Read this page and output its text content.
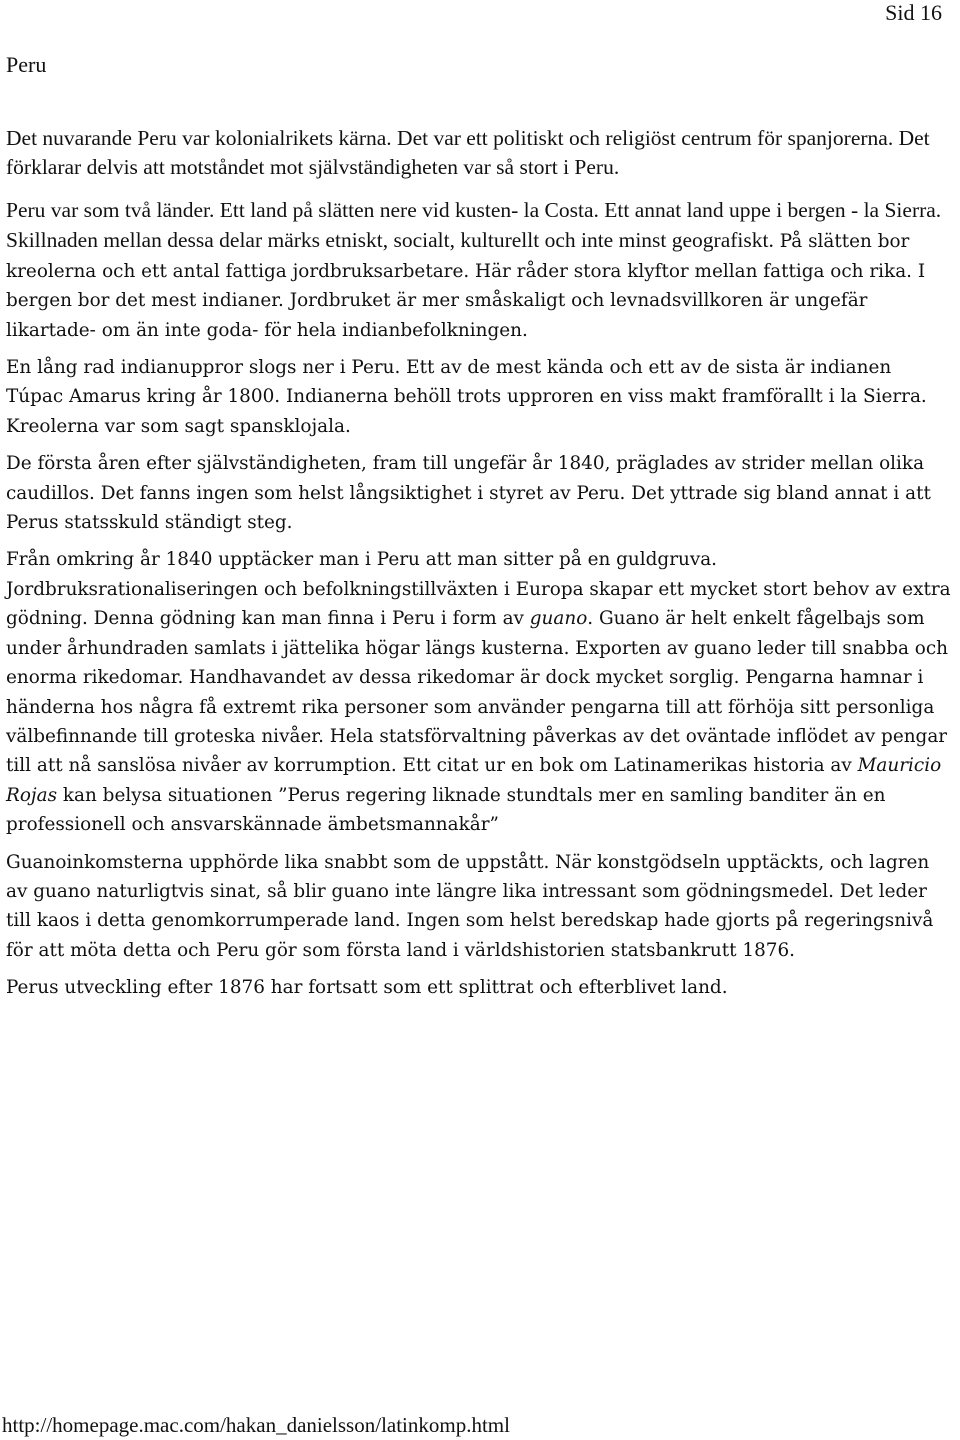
Sid 16
Peru

Det nuvarande Peru var kolonialrikets kärna. Det var ett politiskt och religiöst centrum för spanjorerna. Det förklarar delvis att motståndet mot självständigheten var så stort i Peru.

Peru var som två länder. Ett land på slätten nere vid kusten- la Costa. Ett annat land uppe i bergen - la Sierra. Skillnaden mellan dessa delar märks etniskt, socialt, kulturellt och inte minst geografiskt. På slätten bor kreolerna och ett antal fattiga jordbruksarbetare. Här råder stora klyftor mellan fattiga och rika. I bergen bor det mest indianer. Jordbruket är mer småskaligt och levnadsvillkoren är ungefär likartade- om än inte goda- för hela indianbefolkningen.

En lång rad indianuppror slogs ner i Peru. Ett av de mest kända och ett av de sista är indianen Túpac Amarus kring år 1800. Indianerna behöll trots upproren en viss makt framförallt i la Sierra. Kreolerna var som sagt spansklojala.

De första åren efter självständigheten, fram till ungefär år 1840, präglades av strider mellan olika caudillos. Det fanns ingen som helst långsiktighet i styret av Peru. Det yttrade sig bland annat i att Perus statsskuld ständigt steg.

Från omkring år 1840 upptäcker man i Peru att man sitter på en guldgruva. Jordbruksrationaliseringen och befolkningstillväxten i Europa skapar ett mycket stort behov av extra gödning. Denna gödning kan man finna i Peru i form av guano. Guano är helt enkelt fågelbajs som under århundraden samlats i jättelika högar längs kusterna. Exporten av guano leder till snabba och enorma rikedomar. Handhavandet av dessa rikedomar är dock mycket sorglig. Pengarna hamnar i händerna hos några få extremt rika personer som använder pengarna till att förhöja sitt personliga välbefinnande till groteska nivåer. Hela statsförvaltning påverkas av det oväntade inflödet av pengar till att nå sanslösa nivåer av korrumption. Ett citat ur en bok om Latinamerikas historia av Mauricio Rojas kan belysa situationen ”Perus regering liknade stundtals mer en samling banditer än en professionell och ansvarskännade ämbetsmannakår”

Guanoinkomsterna upphörde lika snabbt som de uppstått. När konstgödseln upptäckts, och lagren av guano naturligtvis sinat, så blir guano inte längre lika intressant som gödningsmedel. Det leder till kaos i detta genomkorrumperade land. Ingen som helst beredskap hade gjorts på regeringsnivå för att möta detta och Peru gör som första land i världshistorien statsbankrutt 1876.

Perus utveckling efter 1876 har fortsatt som ett splittrat och efterblivet land.

http://homepage.mac.com/hakan_danielsson/latinkomp.html
